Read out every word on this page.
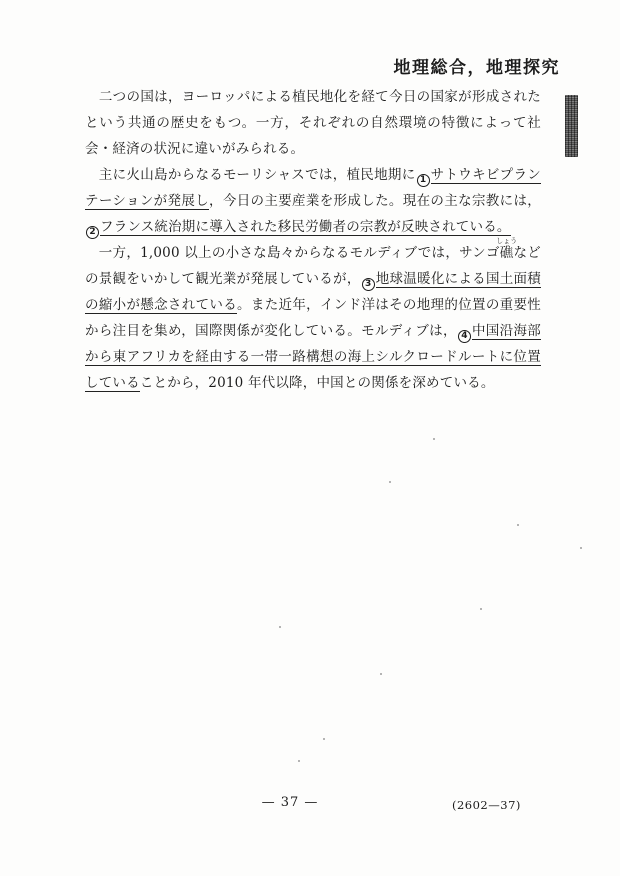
地理総合，地理探究

　二つの国は，ヨーロッパによる植民地化を経て今日の国家が形成されたという共通の歴史をもつ。一方，それぞれの自然環境の特徴によって社会・経済の状況に違いがみられる。

　主に火山島からなるモーリシャスでは，植民地期に 1 サトウキビプランテーションが発展し，今日の主要産業を形成した。現在の主な宗教には，2 フランス統治期に導入された移民労働者の宗教が反映されている。

　一方，1,000 以上の小さな島々からなるモルディブでは，サンゴ礁
しょう
などの景観をいかして観光業が発展しているが， 3 地球温暖化による国土面積の縮小が懸念されている。また近年，インド洋はその地理的位置の重要性から注目を集め，国際関係が変化している。モルディブは， 4 中国沿海部から東アフリカを経由する一帯一路構想の海上シルクロードルートに位置していることから，2010 年代以降，中国との関係を深めている。

— 37 —	(2602—37)
